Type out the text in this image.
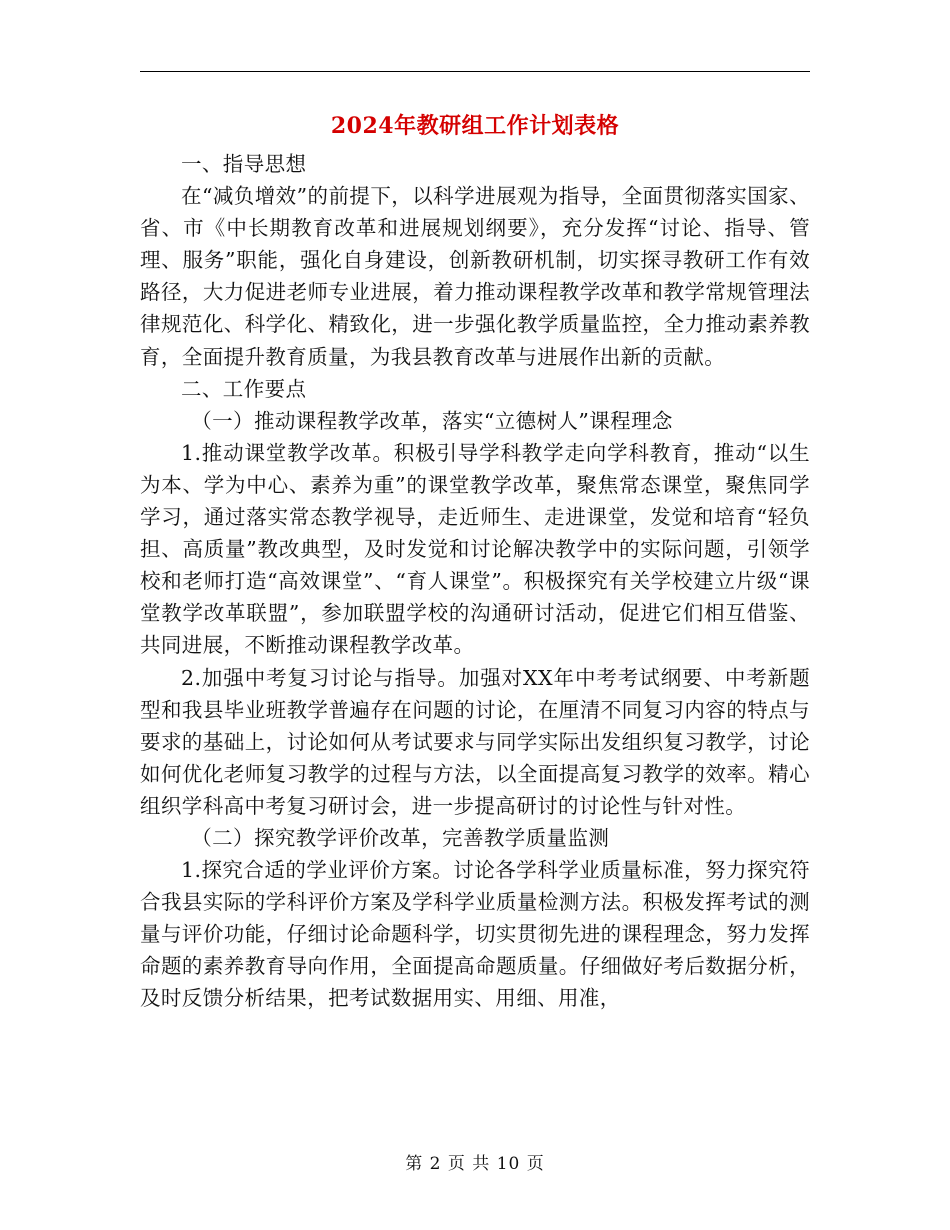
2024年教研组工作计划表格

一、指导思想

在“减负增效”的前提下，以科学进展观为指导，全面贯彻落实国家、省、市《中长期教育改革和进展规划纲要》，充分发挥“讨论、指导、管理、服务”职能，强化自身建设，创新教研机制，切实探寻教研工作有效路径，大力促进老师专业进展，着力推动课程教学改革和教学常规管理法律规范化、科学化、精致化，进一步强化教学质量监控，全力推动素养教育，全面提升教育质量，为我县教育改革与进展作出新的贡献。

二、工作要点

（一）推动课程教学改革，落实“立德树人”课程理念

1.推动课堂教学改革。积极引导学科教学走向学科教育，推动“以生为本、学为中心、素养为重”的课堂教学改革，聚焦常态课堂，聚焦同学学习，通过落实常态教学视导，走近师生、走进课堂，发觉和培育“轻负担、高质量”教改典型，及时发觉和讨论解决教学中的实际问题，引领学校和老师打造“高效课堂”、“育人课堂”。积极探究有关学校建立片级“课堂教学改革联盟”，参加联盟学校的沟通研讨活动，促进它们相互借鉴、共同进展，不断推动课程教学改革。

2.加强中考复习讨论与指导。加强对XX年中考考试纲要、中考新题型和我县毕业班教学普遍存在问题的讨论，在厘清不同复习内容的特点与要求的基础上，讨论如何从考试要求与同学实际出发组织复习教学，讨论如何优化老师复习教学的过程与方法，以全面提高复习教学的效率。精心组织学科高中考复习研讨会，进一步提高研讨的讨论性与针对性。

（二）探究教学评价改革，完善教学质量监测

1.探究合适的学业评价方案。讨论各学科学业质量标准，努力探究符合我县实际的学科评价方案及学科学业质量检测方法。积极发挥考试的测量与评价功能，仔细讨论命题科学，切实贯彻先进的课程理念，努力发挥命题的素养教育导向作用，全面提高命题质量。仔细做好考后数据分析，及时反馈分析结果，把考试数据用实、用细、用准，

第 2 页 共 10 页
